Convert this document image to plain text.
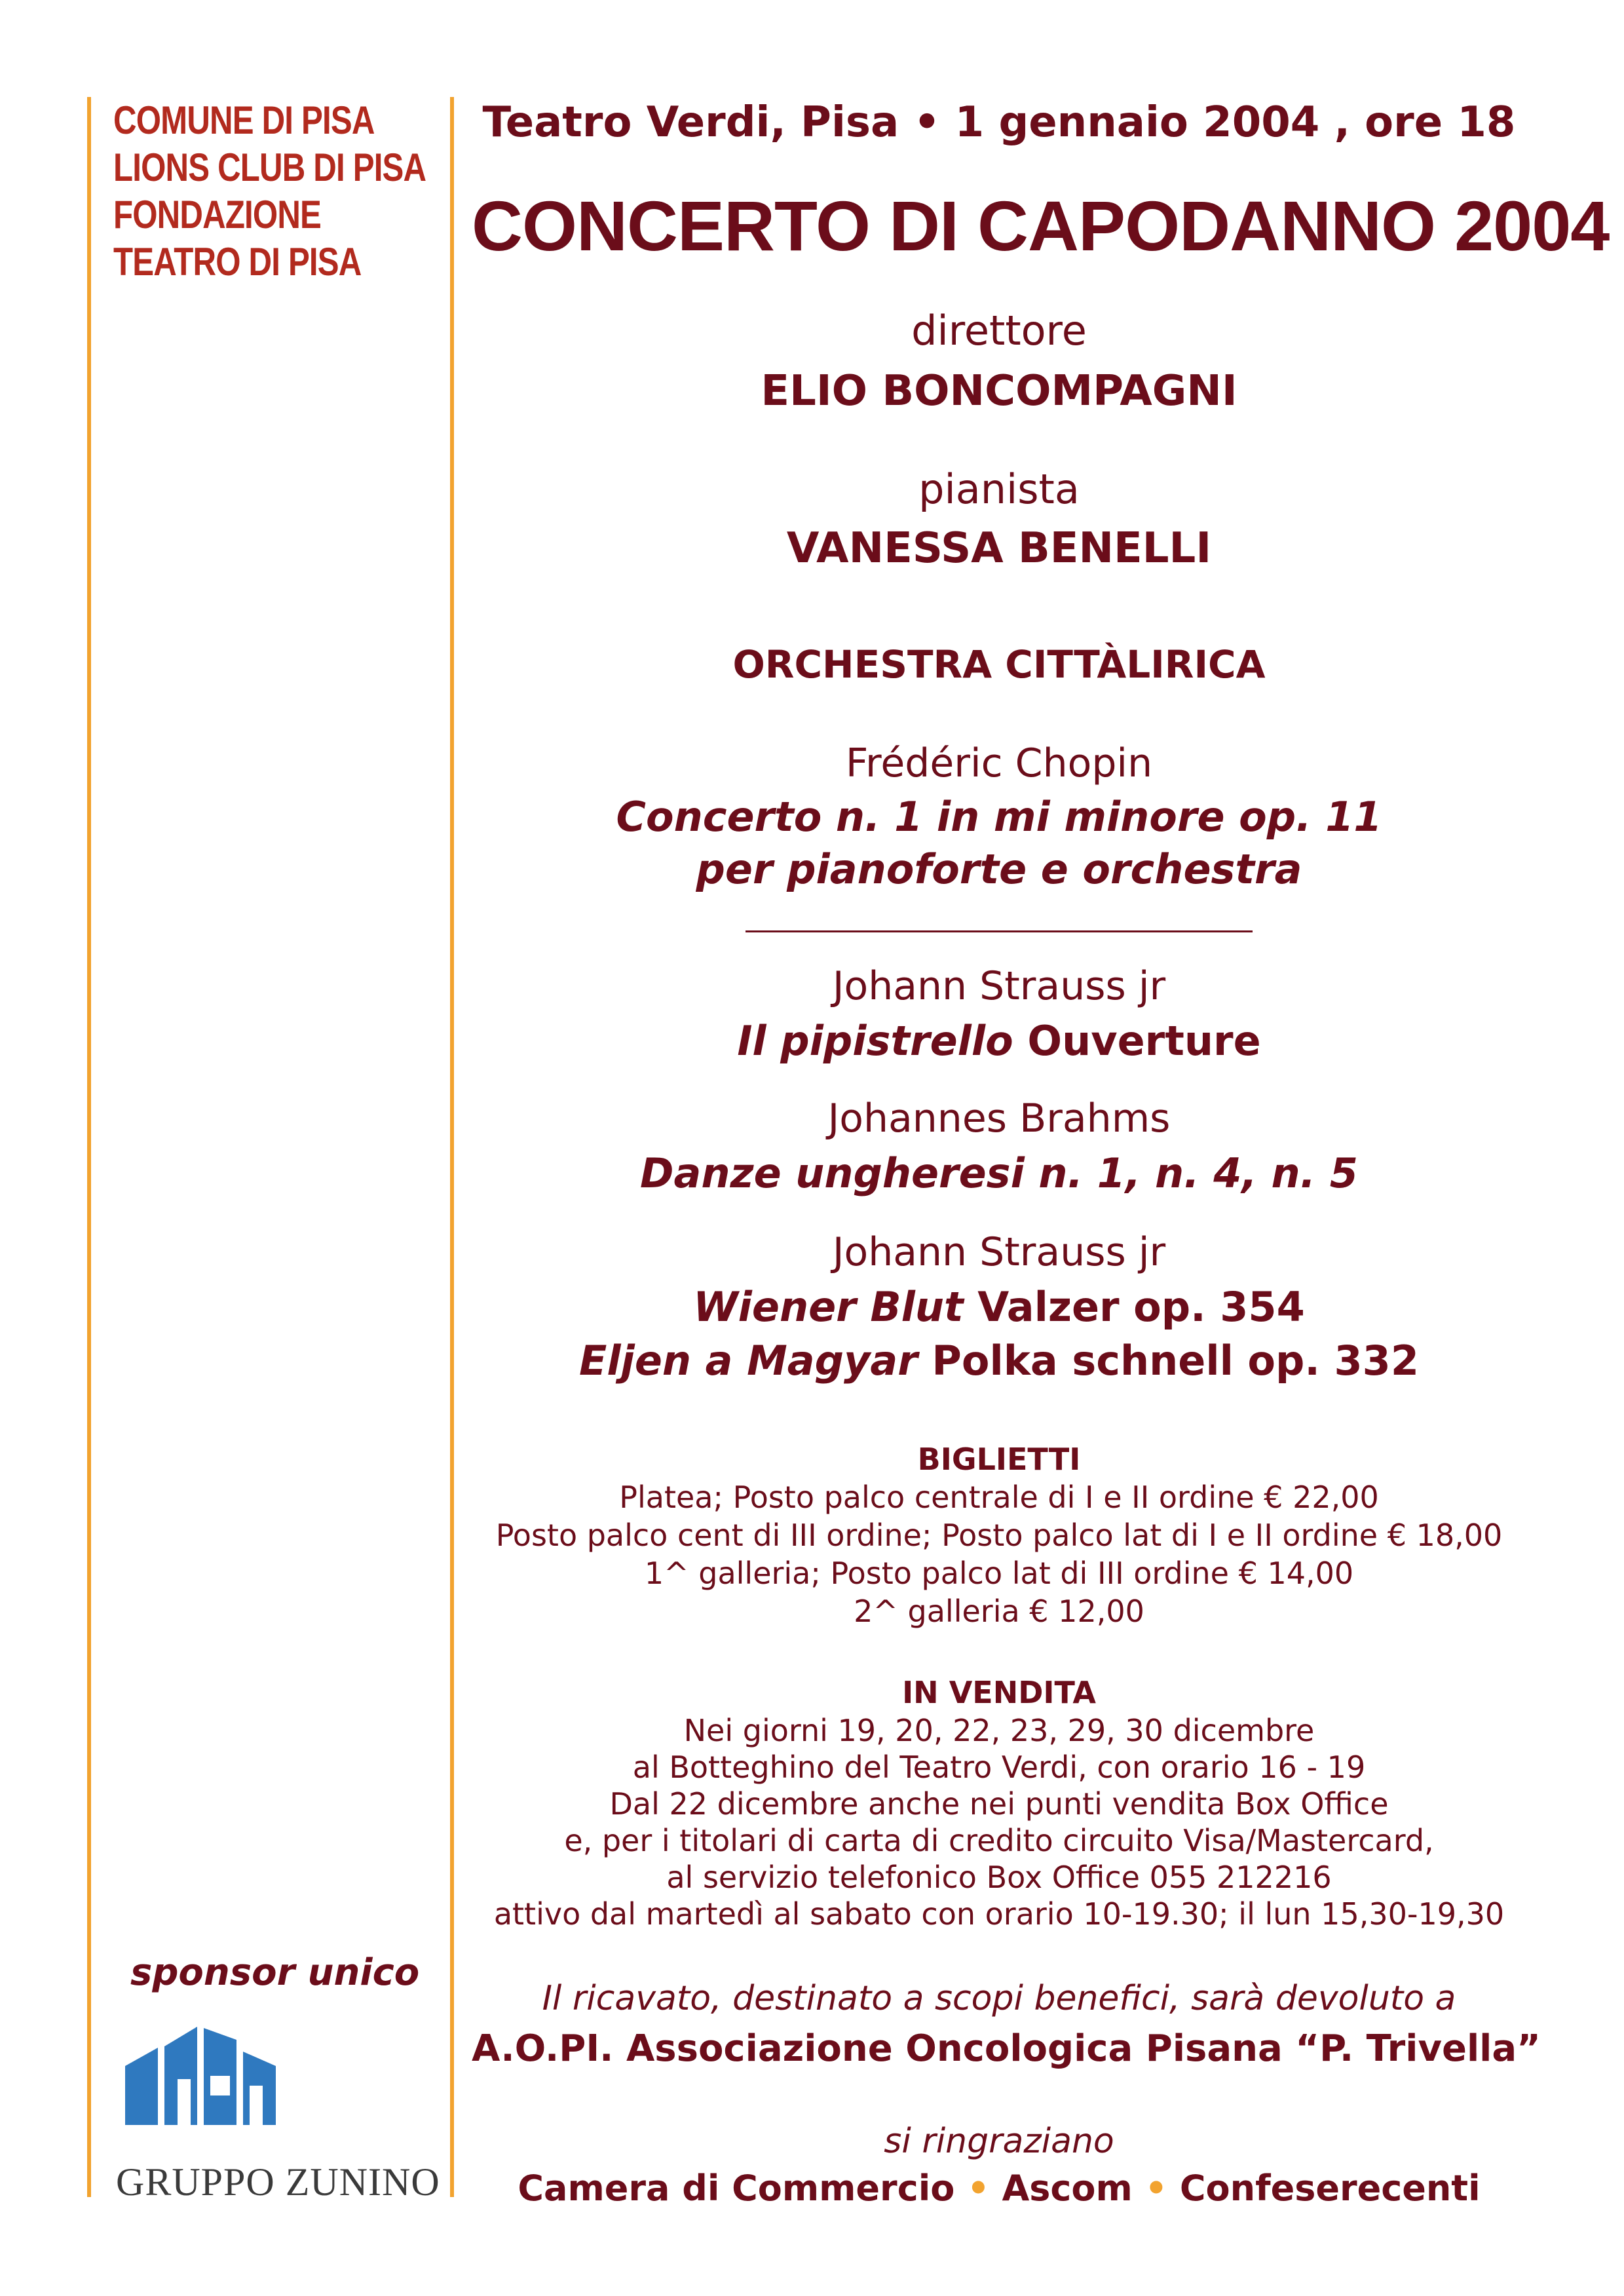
COMUNE DI PISA
LIONS CLUB DI PISA
FONDAZIONE
TEATRO DI PISA
sponsor unico
GRUPPO ZUNINO
Teatro Verdi, Pisa • 1 gennaio 2004 , ore 18
CONCERTO DI CAPODANNO 2004
direttore
ELIO BONCOMPAGNI
pianista
VANESSA BENELLI
ORCHESTRA CITTÀLIRICA
Frédéric Chopin
Concerto n. 1 in mi minore op. 11
per pianoforte e orchestra
Johann Strauss jr
Il pipistrello Ouverture
Johannes Brahms
Danze ungheresi n. 1, n. 4, n. 5
Johann Strauss jr
Wiener Blut Valzer op. 354
Eljen a Magyar Polka schnell op. 332
BIGLIETTI
Platea; Posto palco centrale di I e II ordine € 22,00
Posto palco cent di III ordine; Posto palco lat di I e II ordine € 18,00
1^ galleria; Posto palco lat di III ordine € 14,00
2^ galleria € 12,00
IN VENDITA
Nei giorni 19, 20, 22, 23, 29, 30 dicembre
al Botteghino del Teatro Verdi, con orario 16 - 19
Dal 22 dicembre anche nei punti vendita Box Office
e, per i titolari di carta di credito circuito Visa/Mastercard,
al servizio telefonico Box Office 055 212216
attivo dal martedì al sabato con orario 10-19.30; il lun 15,30-19,30
Il ricavato, destinato a scopi benefici, sarà devoluto a
A.O.PI. Associazione Oncologica Pisana “P. Trivella”
si ringraziano
Camera di Commercio • Ascom • Confeserecenti
